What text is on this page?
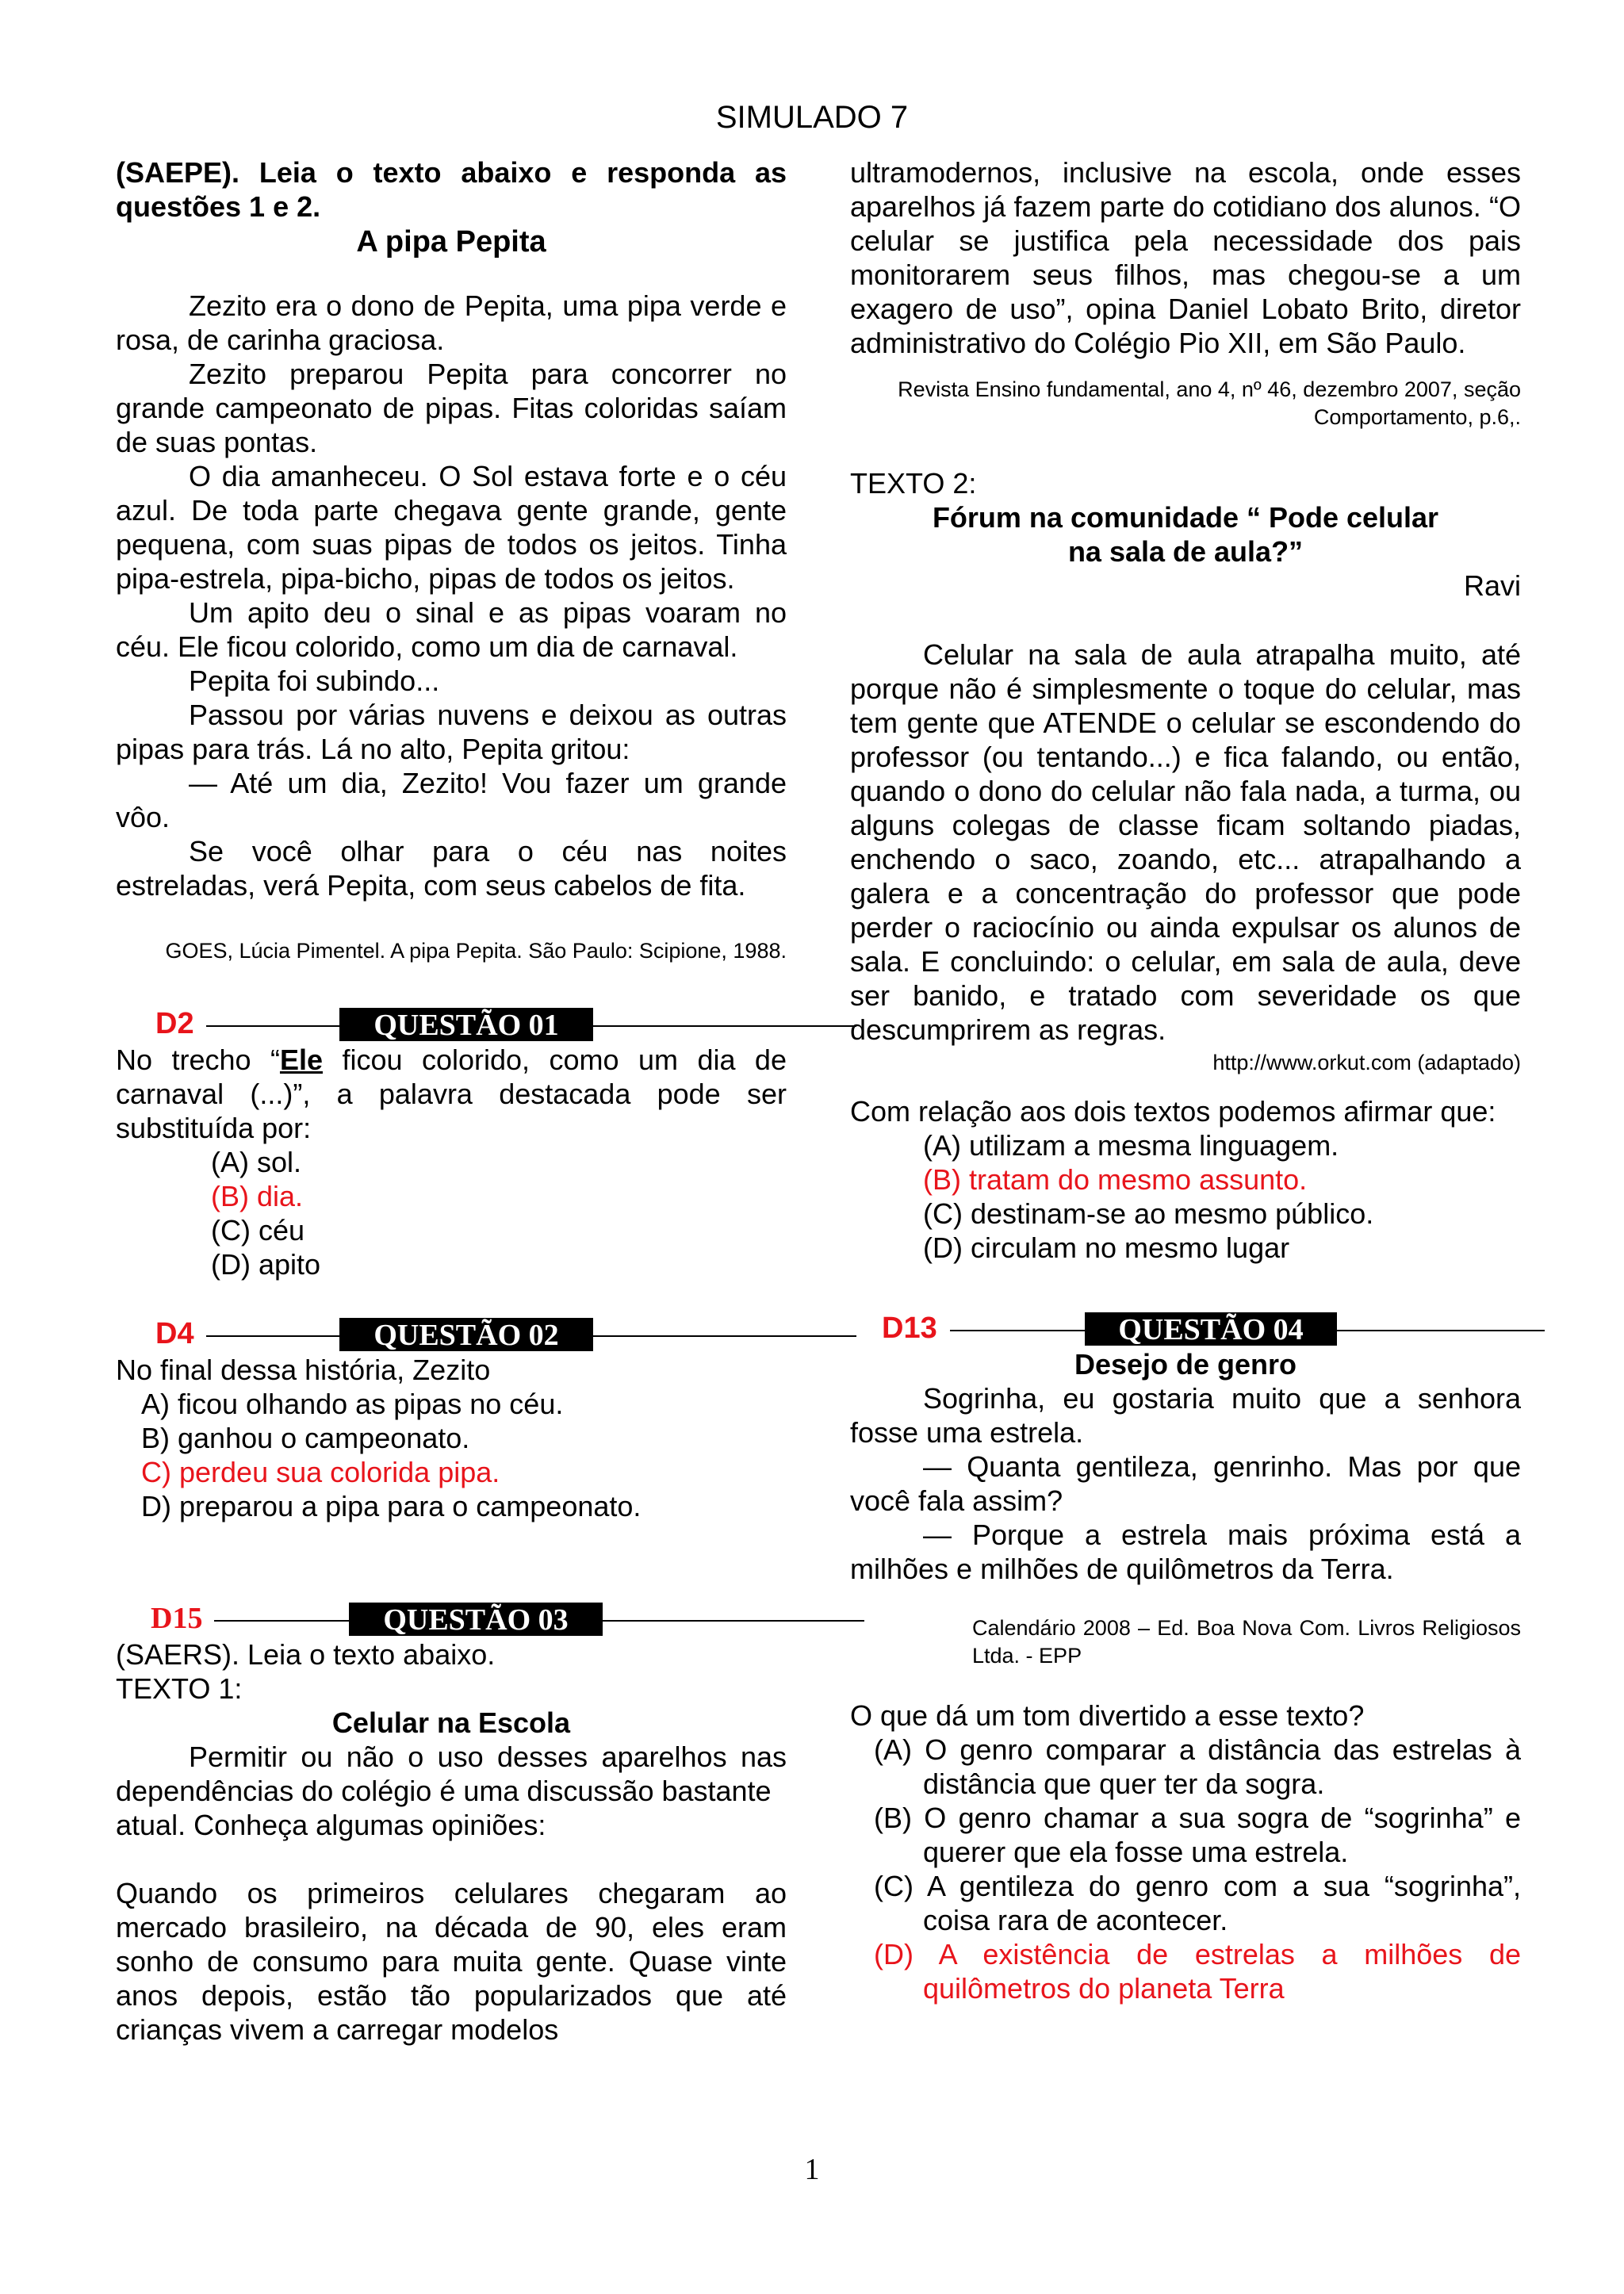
SIMULADO 7

(SAEPE). Leia o texto abaixo e responda as questões 1 e 2.

A pipa Pepita

Zezito era o dono de Pepita, uma pipa verde e rosa, de carinha graciosa.

Zezito preparou Pepita para concorrer no grande campeonato de pipas. Fitas coloridas saíam de suas pontas.

O dia amanheceu. O Sol estava forte e o céu azul. De toda parte chegava gente grande, gente pequena, com suas pipas de todos os jeitos. Tinha pipa-estrela, pipa-bicho, pipas de todos os jeitos.

Um apito deu o sinal e as pipas voaram no céu. Ele ficou colorido, como um dia de carnaval.

Pepita foi subindo...

Passou por várias nuvens e deixou as outras pipas para trás. Lá no alto, Pepita gritou:

— Até um dia, Zezito! Vou fazer um grande vôo.

Se você olhar para o céu nas noites estreladas, verá Pepita, com seus cabelos de fita.

GOES, Lúcia Pimentel. A pipa Pepita. São Paulo: Scipione, 1988.

D2	QUESTÃO 01

No trecho “Ele ficou colorido, como um dia de carnaval (...)”, a palavra destacada pode ser substituída por:

(A) sol.

(B) dia.

(C) céu

(D) apito

D4	QUESTÃO 02

No final dessa história, Zezito

A) ficou olhando as pipas no céu.

B) ganhou o campeonato.

C) perdeu sua colorida pipa.

D) preparou a pipa para o campeonato.

D15	QUESTÃO 03

(SAERS). Leia o texto abaixo.

TEXTO 1:

Celular na Escola

Permitir ou não o uso desses aparelhos nas dependências do colégio é uma discussão bastante

atual. Conheça algumas opiniões:

Quando os primeiros celulares chegaram ao mercado brasileiro, na década de 90, eles eram sonho de consumo para muita gente. Quase vinte anos depois, estão tão popularizados que até crianças vivem a carregar modelos

ultramodernos, inclusive na escola, onde esses aparelhos já fazem parte do cotidiano dos alunos. “O celular se justifica pela necessidade dos pais monitorarem seus filhos, mas chegou-se a um exagero de uso”, opina Daniel Lobato Brito, diretor administrativo do Colégio Pio XII, em São Paulo.

Revista Ensino fundamental, ano 4, nº 46, dezembro 2007, seção Comportamento, p.6,.

TEXTO 2:

Fórum na comunidade “ Pode celular

na sala de aula?”

Ravi

Celular na sala de aula atrapalha muito, até porque não é simplesmente o toque do celular, mas tem gente que ATENDE o celular se escondendo do professor (ou tentando...) e fica falando, ou então, quando o dono do celular não fala nada, a turma, ou alguns colegas de classe ficam soltando piadas, enchendo o saco, zoando, etc... atrapalhando a galera e a concentração do professor que pode perder o raciocínio ou ainda expulsar os alunos de sala. E concluindo: o celular, em sala de aula, deve ser banido, e tratado com severidade os que descumprirem as regras.

http://www.orkut.com (adaptado)

Com relação aos dois textos podemos afirmar que:

(A) utilizam a mesma linguagem.

(B) tratam do mesmo assunto.

(C) destinam-se ao mesmo público.

(D) circulam no mesmo lugar

D13	QUESTÃO 04

Desejo de genro

Sogrinha, eu gostaria muito que a senhora fosse uma estrela.

— Quanta gentileza, genrinho. Mas por que você fala assim?

— Porque a estrela mais próxima está a milhões e milhões de quilômetros da Terra.

Calendário 2008 – Ed. Boa Nova Com. Livros Religiosos Ltda. - EPP

O que dá um tom divertido a esse texto?

(A) O genro comparar a distância das estrelas à distância que quer ter da sogra.

(B) O genro chamar a sua sogra de “sogrinha” e querer que ela fosse uma estrela.

(C) A gentileza do genro com a sua “sogrinha”, coisa rara de acontecer.

(D) A existência de estrelas a milhões de quilômetros do planeta Terra

1
